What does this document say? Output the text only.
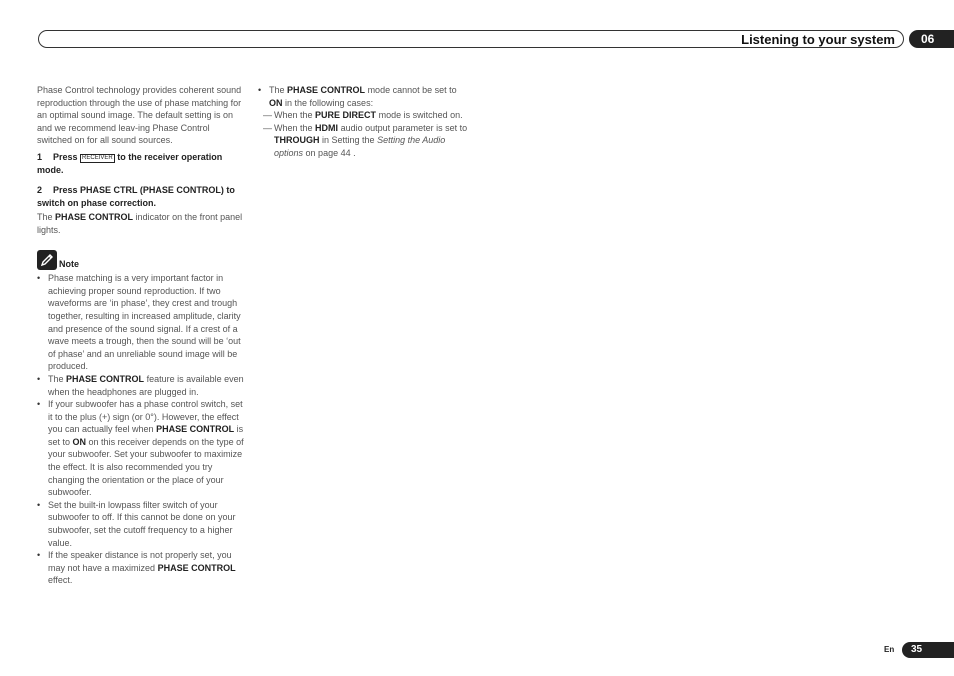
Listening to your system	06

Phase Control technology provides coherent sound reproduction through the use of phase matching for an optimal sound image. The default setting is on and we recommend leav-ing Phase Control switched on for all sound sources.

1 Press RECEIVER to the receiver operation mode.

2 Press PHASE CTRL (PHASE CONTROL) to switch on phase correction.

The PHASE CONTROL indicator on the front panel lights.

Note
• Phase matching is a very important factor in achieving proper sound reproduction. If two waveforms are ‘in phase’, they crest and trough together, resulting in increased amplitude, clarity and presence of the sound signal. If a crest of a wave meets a trough, then the sound will be ‘out of phase’ and an unreliable sound image will be produced.
• The PHASE CONTROL feature is available even when the headphones are plugged in.
• If your subwoofer has a phase control switch, set it to the plus (+) sign (or 0°). However, the effect you can actually feel when PHASE CONTROL is set to ON on this receiver depends on the type of your subwoofer. Set your subwoofer to maximize the effect. It is also recommended you try changing the orientation or the place of your subwoofer.
• Set the built-in lowpass filter switch of your subwoofer to off. If this cannot be done on your subwoofer, set the cutoff frequency to a higher value.
• If the speaker distance is not properly set, you may not have a maximized PHASE CONTROL effect.
• The PHASE CONTROL mode cannot be set to ON in the following cases:
— When the PURE DIRECT mode is switched on.
— When the HDMI audio output parameter is set to THROUGH in Setting the Setting the Audio options on page 44 .
En	35
